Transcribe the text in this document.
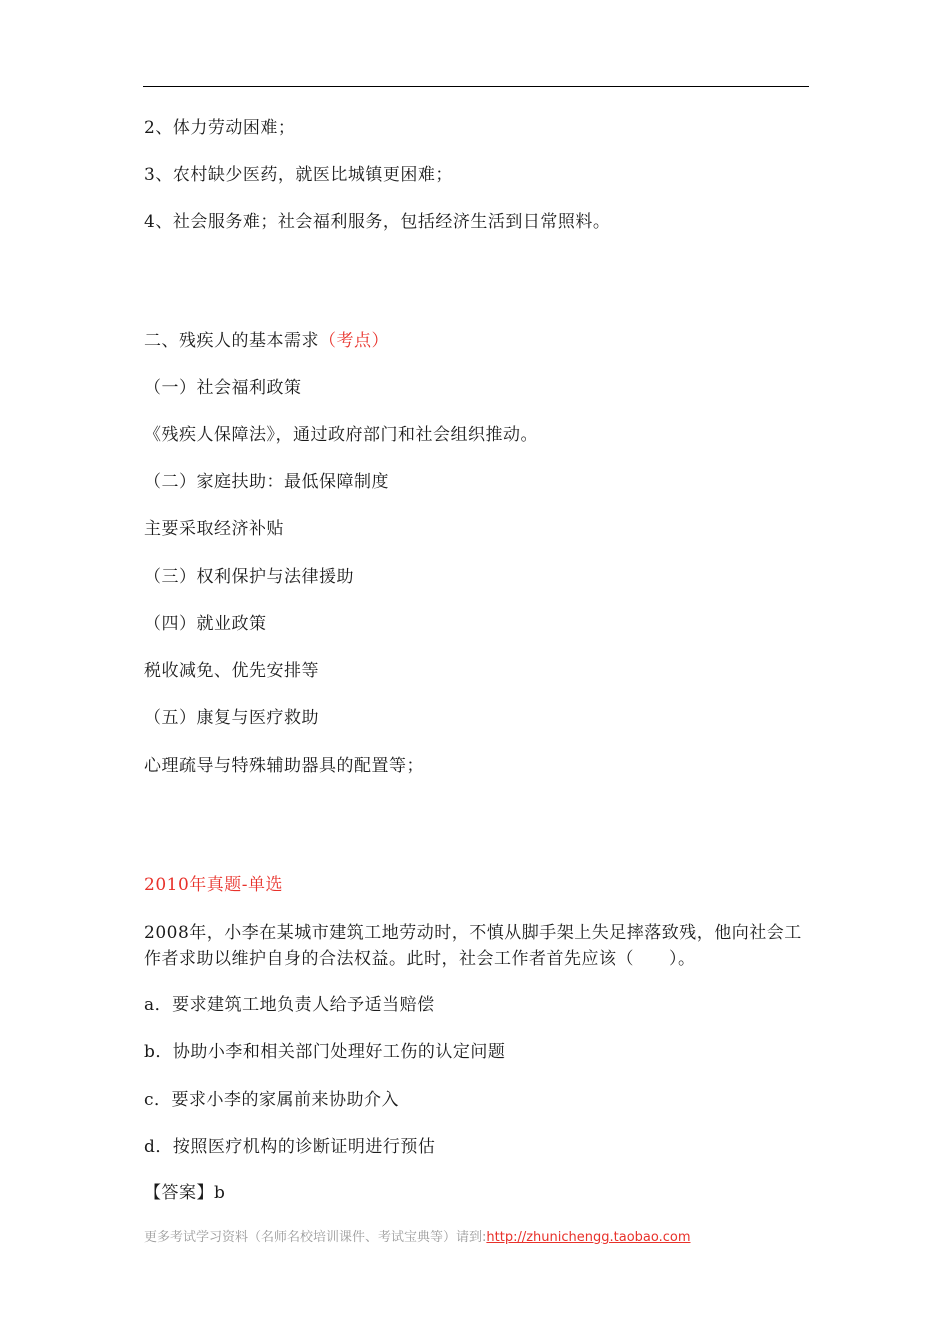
2、体力劳动困难；
3、农村缺少医药，就医比城镇更困难；
4、社会服务难；社会福利服务，包括经济生活到日常照料。
二、残疾人的基本需求（考点）
（一）社会福利政策
《残疾人保障法》，通过政府部门和社会组织推动。
（二）家庭扶助：最低保障制度
主要采取经济补贴
（三）权利保护与法律援助
（四）就业政策
税收减免、优先安排等
（五）康复与医疗救助
心理疏导与特殊辅助器具的配置等；
2010年真题-单选
2008年，小李在某城市建筑工地劳动时，不慎从脚手架上失足摔落致残，他向社会工作者求助以维护自身的合法权益。此时，社会工作者首先应该（　　）。
a．要求建筑工地负责人给予适当赔偿
b．协助小李和相关部门处理好工伤的认定问题
c．要求小李的家属前来协助介入
d．按照医疗机构的诊断证明进行预估
【答案】b
更多考试学习资料（名师名校培训课件、考试宝典等）请到:http://zhunichengg.taobao.com
